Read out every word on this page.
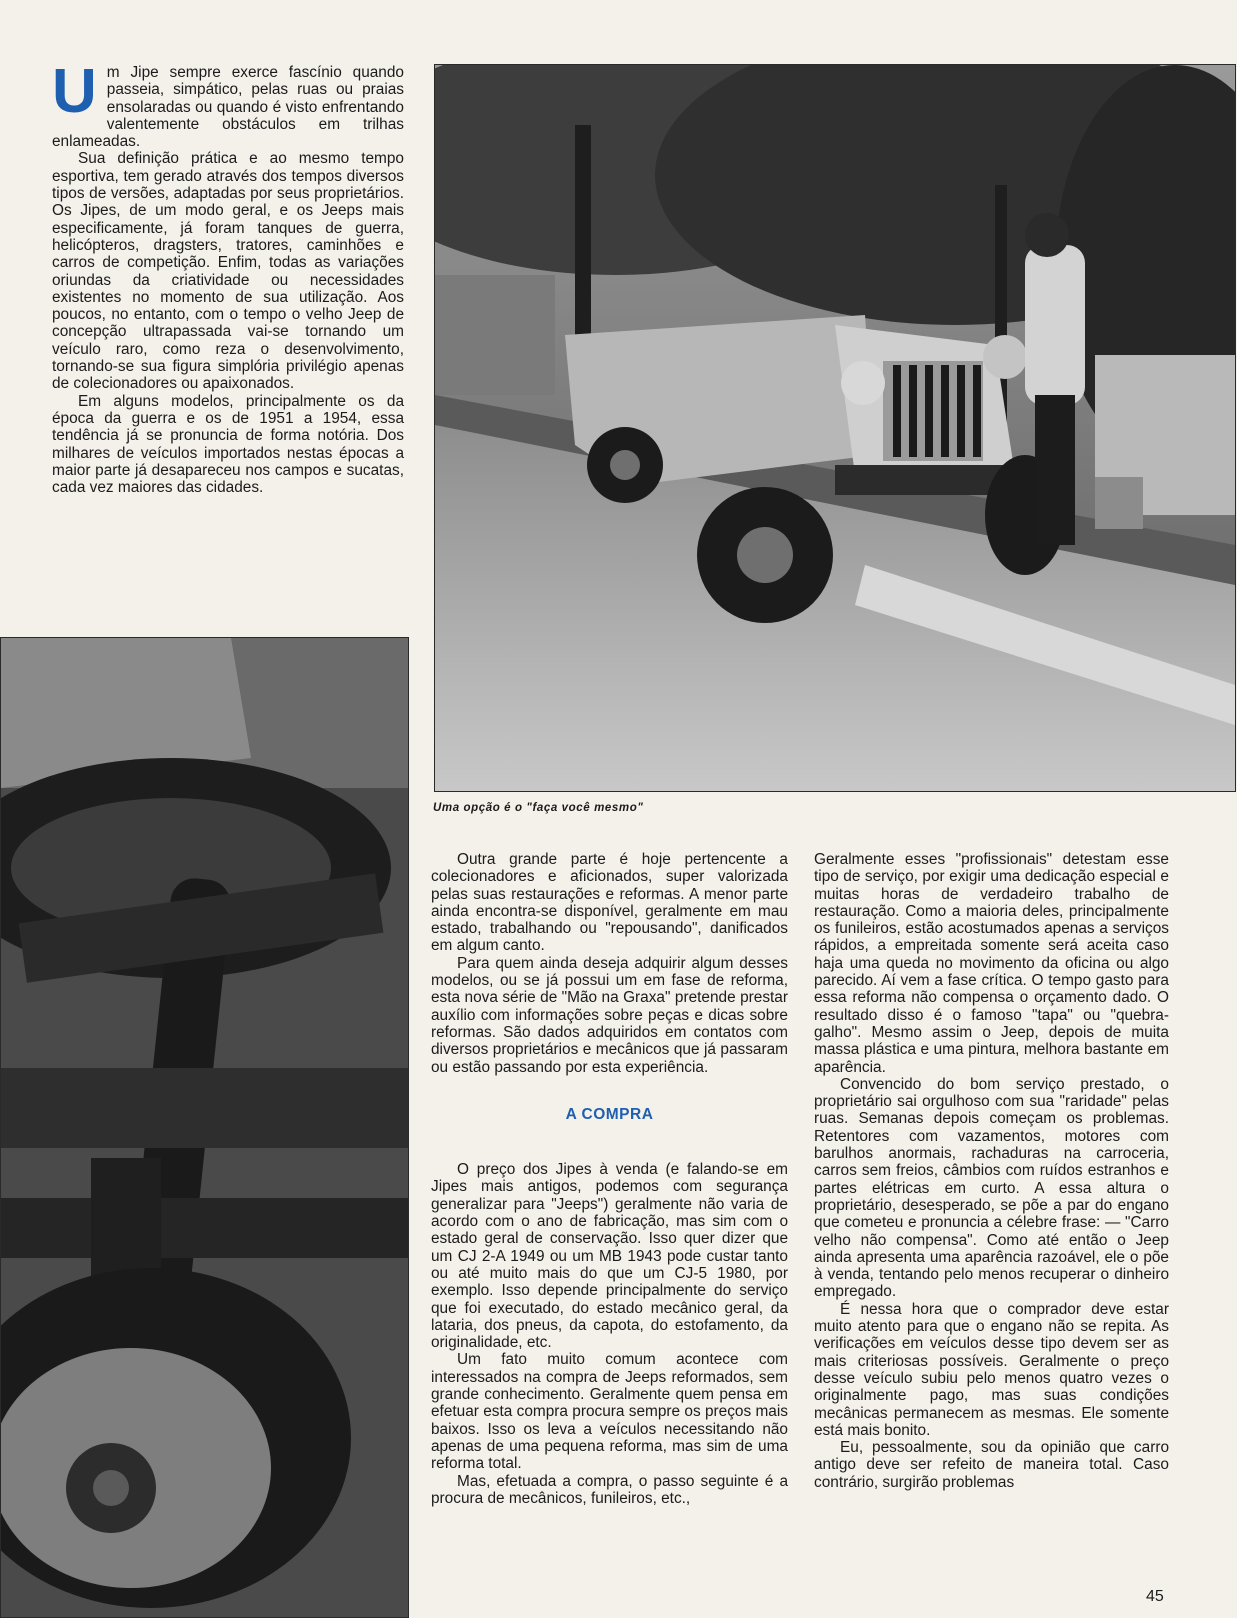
Um Jipe sempre exerce fascínio quando passeia, simpático, pelas ruas ou praias ensolaradas ou quando é visto enfrentando valentemente obstáculos em trilhas enlameadas.

Sua definição prática e ao mesmo tempo esportiva, tem gerado através dos tempos diversos tipos de versões, adaptadas por seus proprietários. Os Jipes, de um modo geral, e os Jeeps mais especificamente, já foram tanques de guerra, helicópteros, dragsters, tratores, caminhões e carros de competição. Enfim, todas as variações oriundas da criatividade ou necessidades existentes no momento de sua utilização. Aos poucos, no entanto, com o tempo o velho Jeep de concepção ultrapassada vai-se tornando um veículo raro, como reza o desenvolvimento, tornando-se sua figura simplória privilégio apenas de colecionadores ou apaixonados.

Em alguns modelos, principalmente os da época da guerra e os de 1951 a 1954, essa tendência já se pronuncia de forma notória. Dos milhares de veículos importados nestas épocas a maior parte já desapareceu nos campos e sucatas, cada vez maiores das cidades.

Uma opção é o "faça você mesmo"

Outra grande parte é hoje pertencente a colecionadores e aficionados, super valorizada pelas suas restaurações e reformas. A menor parte ainda encontra-se disponível, geralmente em mau estado, trabalhando ou "repousando", danificados em algum canto.

Para quem ainda deseja adquirir algum desses modelos, ou se já possui um em fase de reforma, esta nova série de "Mão na Graxa" pretende prestar auxílio com informações sobre peças e dicas sobre reformas. São dados adquiridos em contatos com diversos proprietários e mecânicos que já passaram ou estão passando por esta experiência.

A COMPRA

O preço dos Jipes à venda (e falando-se em Jipes mais antigos, podemos com segurança generalizar para "Jeeps") geralmente não varia de acordo com o ano de fabricação, mas sim com o estado geral de conservação. Isso quer dizer que um CJ 2-A 1949 ou um MB 1943 pode custar tanto ou até muito mais do que um CJ-5 1980, por exemplo. Isso depende principalmente do serviço que foi executado, do estado mecânico geral, da lataria, dos pneus, da capota, do estofamento, da originalidade, etc.

Um fato muito comum acontece com interessados na compra de Jeeps reformados, sem grande conhecimento. Geralmente quem pensa em efetuar esta compra procura sempre os preços mais baixos. Isso os leva a veículos necessitando não apenas de uma pequena reforma, mas sim de uma reforma total.

Mas, efetuada a compra, o passo seguinte é a procura de mecânicos, funileiros, etc.,

Geralmente esses "profissionais" detestam esse tipo de serviço, por exigir uma dedicação especial e muitas horas de verdadeiro trabalho de restauração. Como a maioria deles, principalmente os funileiros, estão acostumados apenas a serviços rápidos, a empreitada somente será aceita caso haja uma queda no movimento da oficina ou algo parecido. Aí vem a fase crítica. O tempo gasto para essa reforma não compensa o orçamento dado. O resultado disso é o famoso "tapa" ou "quebra-galho". Mesmo assim o Jeep, depois de muita massa plástica e uma pintura, melhora bastante em aparência.

Convencido do bom serviço prestado, o proprietário sai orgulhoso com sua "raridade" pelas ruas. Semanas depois começam os problemas. Retentores com vazamentos, motores com barulhos anormais, rachaduras na carroceria, carros sem freios, câmbios com ruídos estranhos e partes elétricas em curto. A essa altura o proprietário, desesperado, se põe a par do engano que cometeu e pronuncia a célebre frase: — "Carro velho não compensa". Como até então o Jeep ainda apresenta uma aparência razoável, ele o põe à venda, tentando pelo menos recuperar o dinheiro empregado.

É nessa hora que o comprador deve estar muito atento para que o engano não se repita. As verificações em veículos desse tipo devem ser as mais criteriosas possíveis. Geralmente o preço desse veículo subiu pelo menos quatro vezes o originalmente pago, mas suas condições mecânicas permanecem as mesmas. Ele somente está mais bonito.

Eu, pessoalmente, sou da opinião que carro antigo deve ser refeito de maneira total. Caso contrário, surgirão problemas

45
